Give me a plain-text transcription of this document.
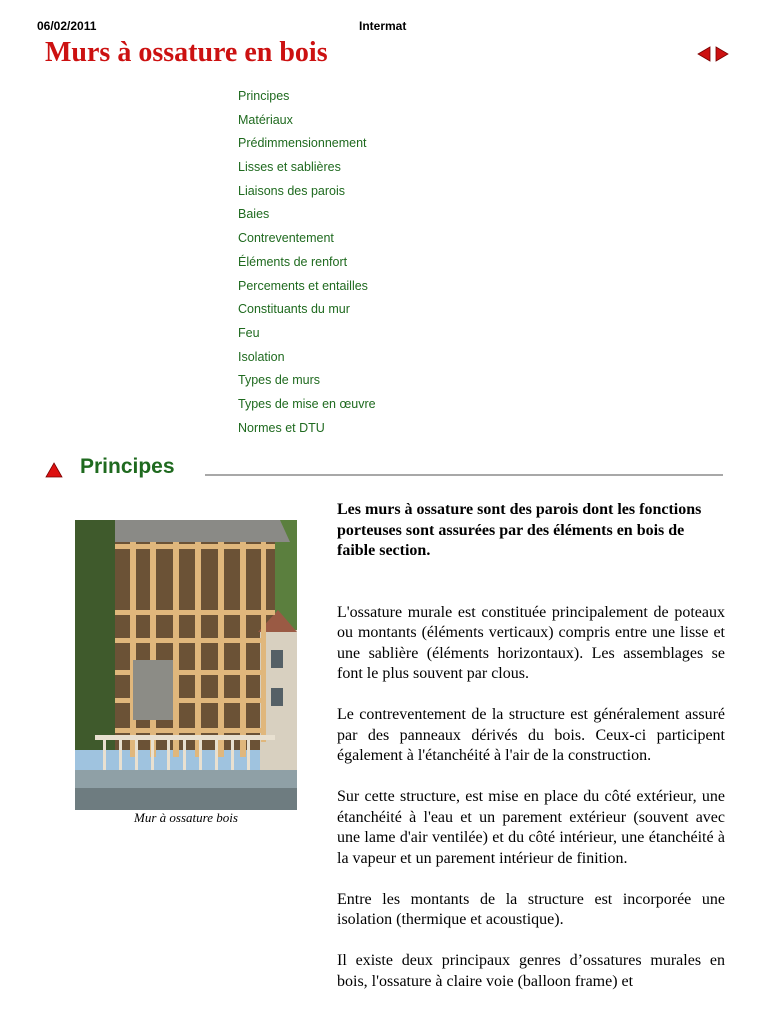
06/02/2011	Intermat
Murs à ossature en bois
Principes
Matériaux
Prédimmensionnement
Lisses et sablières
Liaisons des parois
Baies
Contreventement
Éléments de renfort
Percements et entailles
Constituants du mur
Feu
Isolation
Types de murs
Types de mise en œuvre
Normes et DTU
Principes
Mur à ossature bois

Les murs à ossature sont des parois dont les fonctions porteuses sont assurées par des éléments en bois de faible section.

L'ossature murale est constituée principalement de poteaux ou montants (éléments verticaux) compris entre une lisse et une sablière (éléments horizontaux). Les assemblages se font le plus souvent par clous.

Le contreventement de la structure est généralement assuré par des panneaux dérivés du bois. Ceux-ci participent également à l'étanchéité à l'air de la construction.

Sur cette structure, est mise en place du côté extérieur, une étanchéité à l'eau et un parement extérieur (souvent avec une lame d'air ventilée) et du côté intérieur, une étanchéité à la vapeur et un parement intérieur de finition.

Entre les montants de la structure est incorporée une isolation (thermique et acoustique).

Il existe deux principaux genres d’ossatures murales en bois, l'ossature à claire voie (balloon frame) et
